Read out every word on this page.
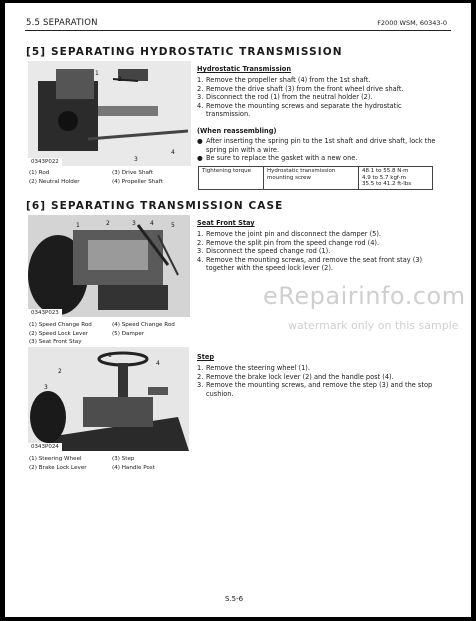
5.5 SEPARATION	F2000 WSM, 60343-0
[5] SEPARATING HYDROSTATIC TRANSMISSION
1
2
3
4
0343P022
(1) Rod	(3) Drive Shaft
(2) Neutral Holder	(4) Propeller Shaft
Hydrostatic Transmission
1. Remove the propeller shaft (4) from the 1st shaft.
2. Remove the drive shaft (3) from the front wheel drive shaft.
3. Disconnect the rod (1) from the neutral holder (2).
4. Remove the mounting screws and separate the hydrostatic transmission.
(When reassembling)
● After inserting the spring pin to the 1st shaft and drive shaft, lock the spring pin with a wire.
● Be sure to replace the gasket with a new one.
Tightening torque	Hydrostatic transmission mounting screw	
48.1 to 55.8 N·m
4.9 to 5.7 kgf·m
35.5 to 41.2 ft-lbs
[6] SEPARATING TRANSMISSION CASE
1	2	3 4	5
0343P023
(1) Speed Change Rod	(4) Speed Change Rod
(2) Speed Lock Lever	(5) Damper
(3) Seat Front Stay
Seat Front Stay
1. Remove the joint pin and disconnect the damper (5).
2. Remove the split pin from the speed change rod (4).
3. Disconnect the speed change rod (1).
4. Remove the mounting screws, and remove the seat front stay (3) together with the speed lock lever (2).
1
2
3
4
0343P024
(1) Steering Wheel	(3) Step
(2) Brake Lock Lever	(4) Handle Post
Step
1. Remove the steering wheel (1).
2. Remove the brake lock lever (2) and the handle post (4).
3. Remove the mounting screws, and remove the step (3) and the stop cushion.
eRepairinfo.com
watermark only on this sample
S.5-6
